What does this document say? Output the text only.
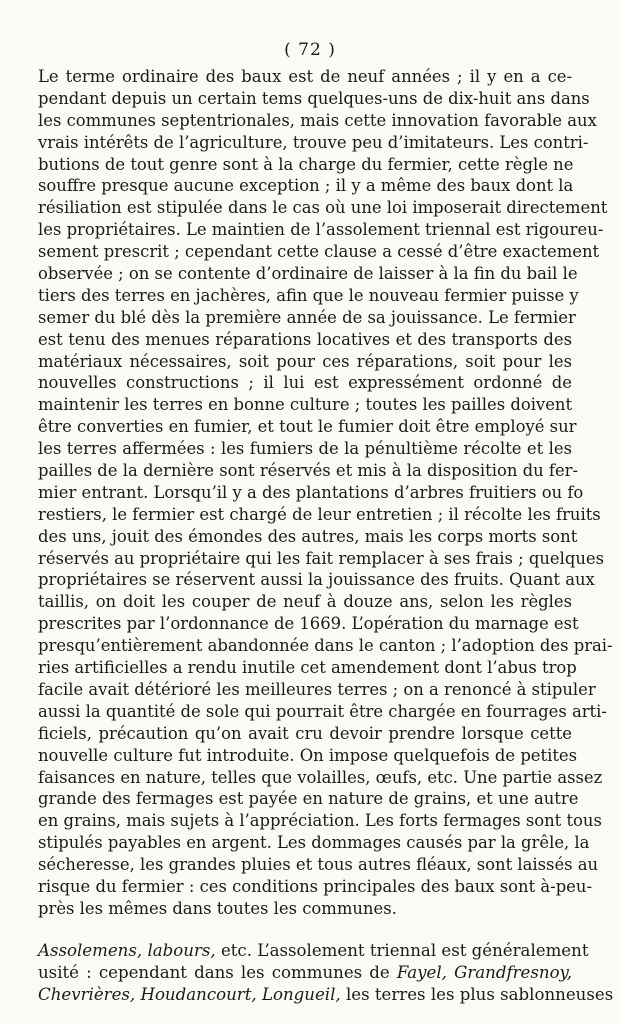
( 72 )
Le terme ordinaire des baux est de neuf années ; il y en a ce-
pendant depuis un certain tems quelques-uns de dix-huit ans dans
les communes septentrionales, mais cette innovation favorable aux
vrais intérêts de l’agriculture, trouve peu d’imitateurs. Les contri-
butions de tout genre sont à la charge du fermier, cette règle ne
souffre presque aucune exception ; il y a même des baux dont la
résiliation est stipulée dans le cas où une loi imposerait directement
les propriétaires. Le maintien de l’assolement triennal est rigoureu-
sement prescrit ; cependant cette clause a cessé d’être exactement
observée ; on se contente d’ordinaire de laisser à la fin du bail le
tiers des terres en jachères, afin que le nouveau fermier puisse y
semer du blé dès la première année de sa jouissance. Le fermier
est tenu des menues réparations locatives et des transports des
matériaux nécessaires, soit pour ces réparations, soit pour les
nouvelles constructions ; il lui est expressément ordonné de
maintenir les terres en bonne culture ; toutes les pailles doivent
être converties en fumier, et tout le fumier doit être employé sur
les terres affermées : les fumiers de la pénultième récolte et les
pailles de la dernière sont réservés et mis à la disposition du fer-
mier entrant. Lorsqu’il y a des plantations d’arbres fruitiers ou fo
restiers, le fermier est chargé de leur entretien ; il récolte les fruits
des uns, jouit des émondes des autres, mais les corps morts sont
réservés au propriétaire qui les fait remplacer à ses frais ; quelques
propriétaires se réservent aussi la jouissance des fruits. Quant aux
taillis, on doit les couper de neuf à douze ans, selon les règles
prescrites par l’ordonnance de 1669. L’opération du marnage est
presqu’entièrement abandonnée dans le canton ; l’adoption des prai-
ries artificielles a rendu inutile cet amendement dont l’abus trop
facile avait détérioré les meilleures terres ; on a renoncé à stipuler
aussi la quantité de sole qui pourrait être chargée en fourrages arti-
ficiels, précaution qu’on avait cru devoir prendre lorsque cette
nouvelle culture fut introduite. On impose quelquefois de petites
faisances en nature, telles que volailles, œufs, etc. Une partie assez
grande des fermages est payée en nature de grains, et une autre
en grains, mais sujets à l’appréciation. Les forts fermages sont tous
stipulés payables en argent. Les dommages causés par la grêle, la
sécheresse, les grandes pluies et tous autres fléaux, sont laissés au
risque du fermier : ces conditions principales des baux sont à-peu-
près les mêmes dans toutes les communes.
Assolemens, labours, etc. L’assolement triennal est généralement
usité : cependant dans les communes de Fayel, Grandfresnoy,
Chevrières, Houdancourt, Longueil, les terres les plus sablonneuses
